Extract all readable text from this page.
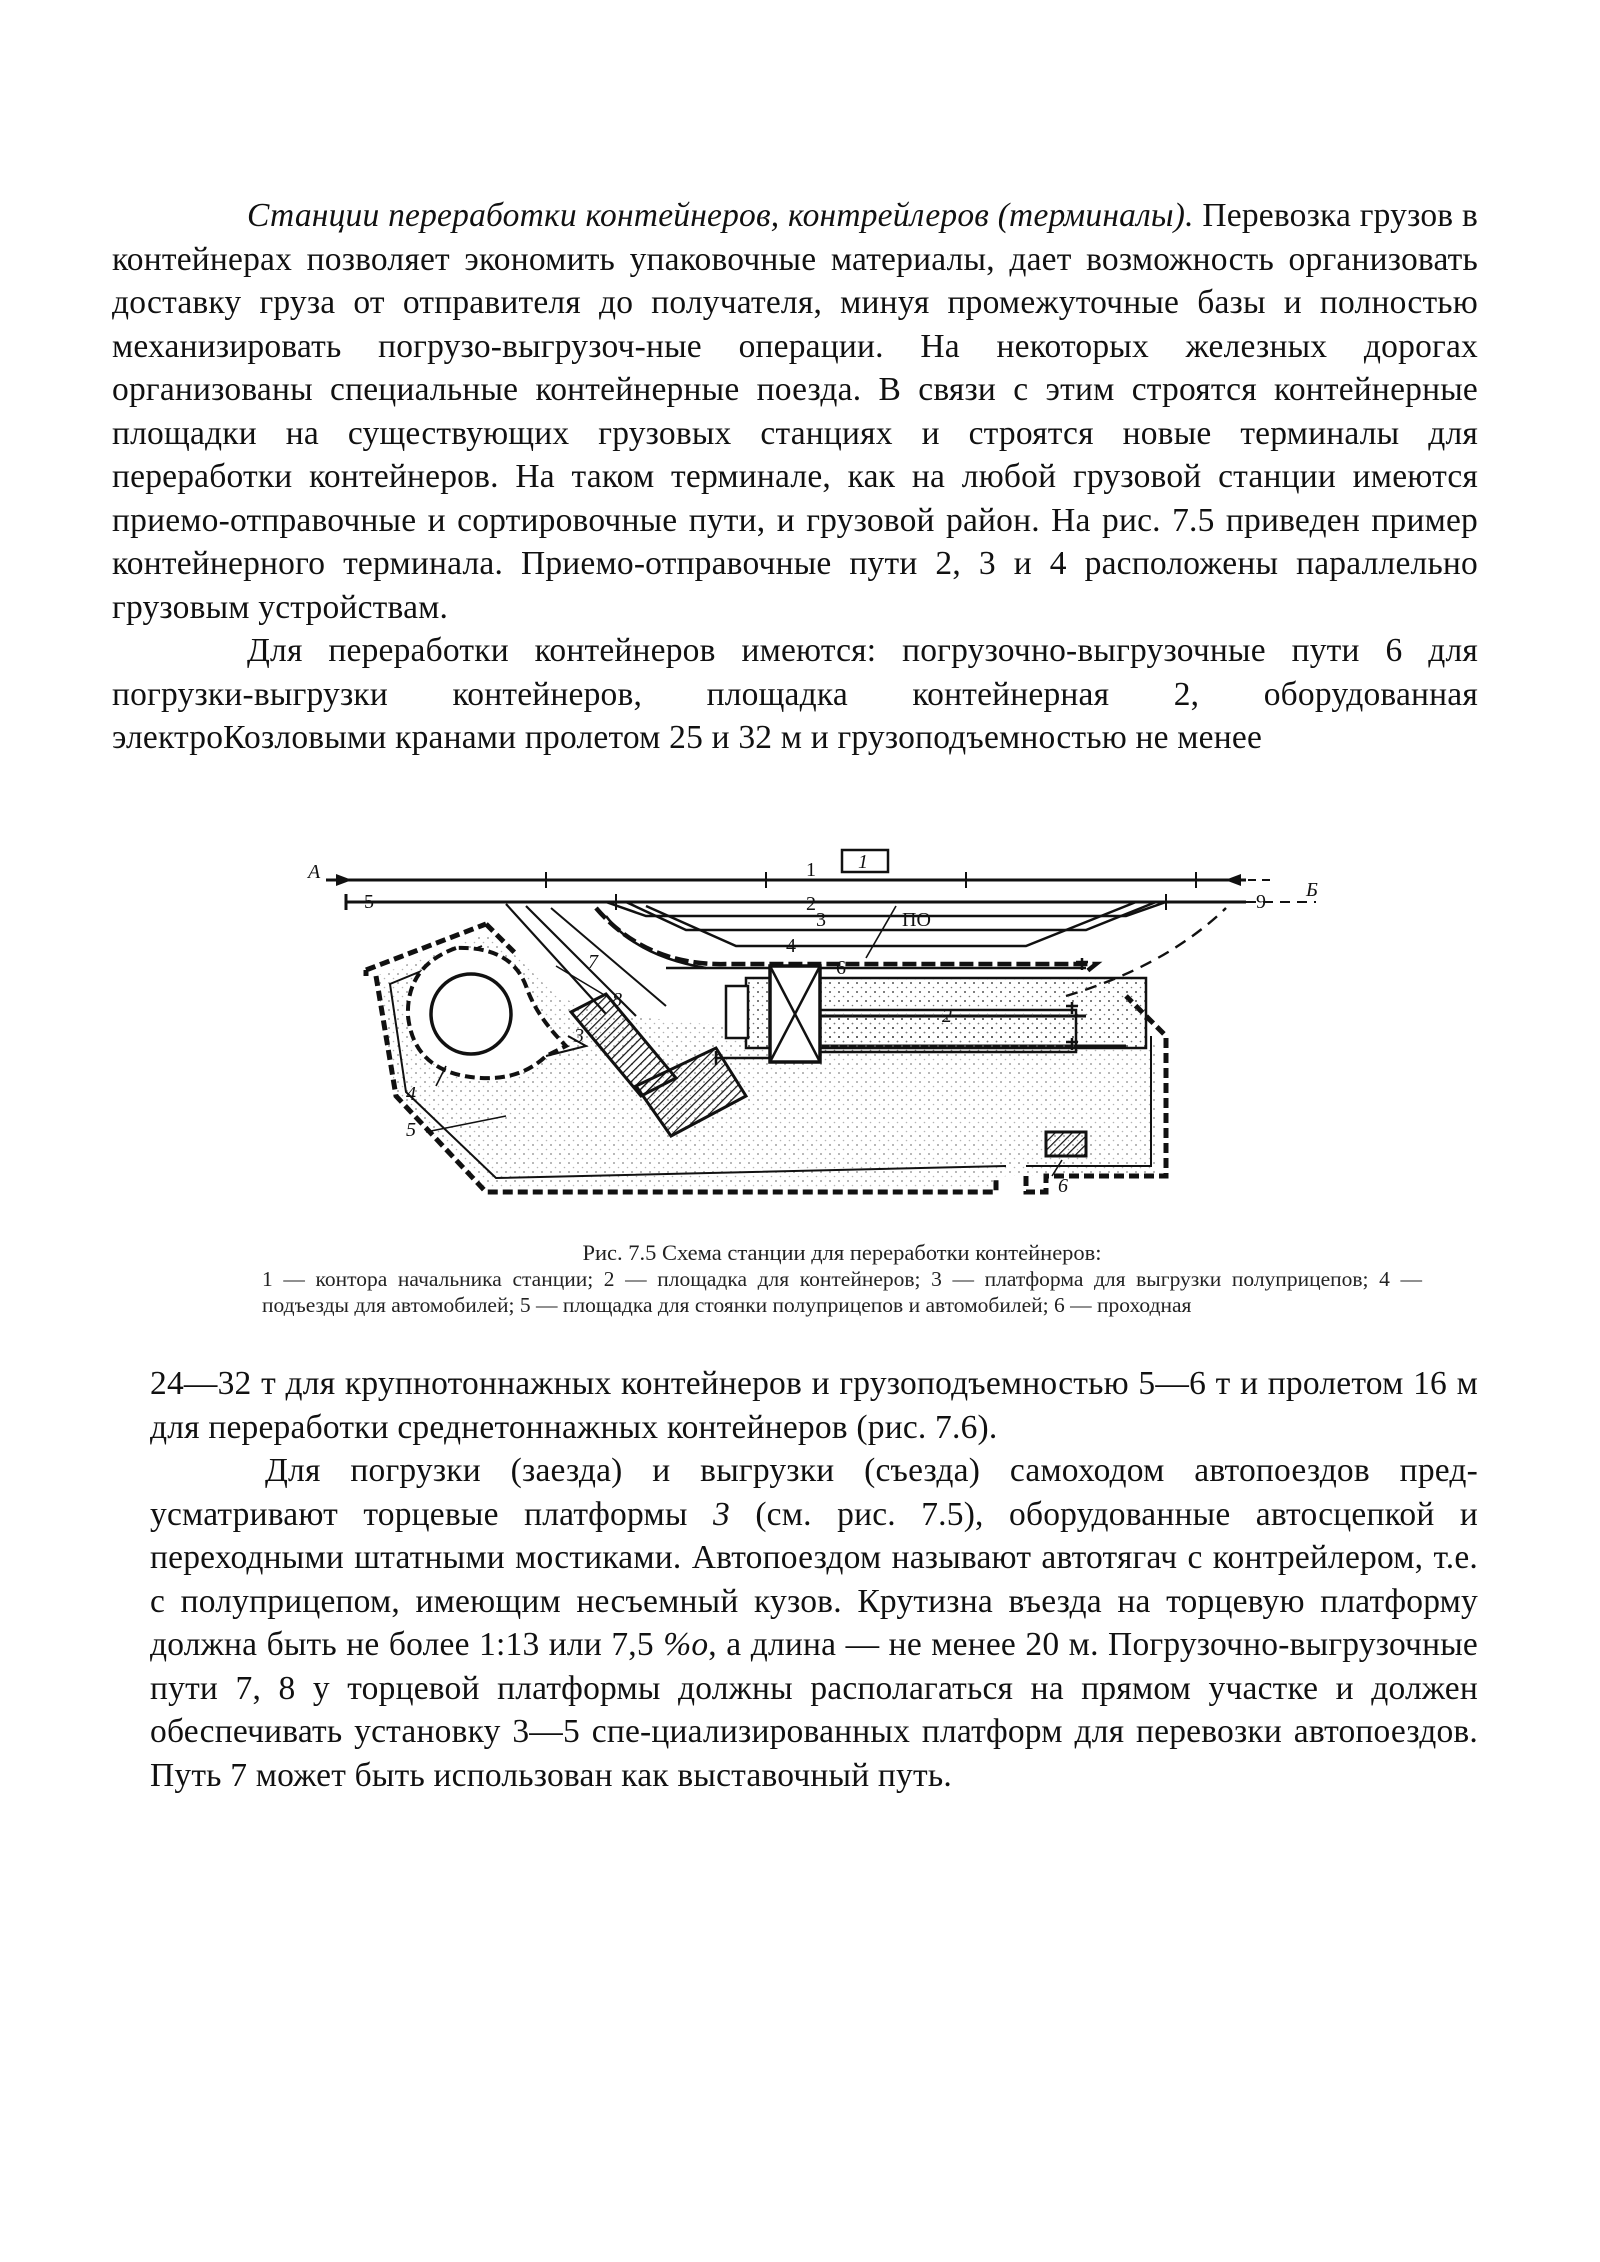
Станции переработки контейнеров, контрейлеров (терминалы). Перевозка грузов в контейнерах позволяет экономить упаковочные материалы, дает возможность организовать доставку груза от отправителя до получателя, минуя промежуточные базы и полностью механизировать погрузо-выгрузоч-ные операции. На некоторых железных дорогах организованы специальные контейнерные поезда. В связи с этим строятся контейнерные площадки на существующих грузовых станциях и строятся новые терминалы для переработки контейнеров. На таком терминале, как на любой грузовой станции имеются приемо-отправочные и сортировочные пути, и грузовой район. На рис. 7.5 приведен пример контейнерного терминала. Приемо-отправочные пути 2, 3 и 4 расположены параллельно грузовым устройствам.

Для переработки контейнеров имеются: погрузочно-выгрузочные пути 6 для погрузки-выгрузки контейнеров, площадка контейнерная 2, оборудованная электроКозловыми кранами пролетом 25 и 32 м и грузоподъемностью не менее

А
Б
1
2
3
4
5
6
7
8
9
ПО
1
2
3
4
5
6
Рис. 7.5 Схема станции для переработки контейнеров:
1 — контора начальника станции; 2 — площадка для контейнеров; 3 — платформа для выгрузки полуприцепов; 4 — подъезды для автомобилей; 5 — площадка для стоянки полуприцепов и автомобилей; 6 — проходная

24—32 т для крупнотоннажных контейнеров и грузоподъемностью 5—6 т и пролетом 16 м для переработки среднетоннажных контейнеров (рис. 7.6).

Для погрузки (заезда) и выгрузки (съезда) самоходом автопоездов пред-усматривают торцевые платформы 3 (см. рис. 7.5), оборудованные автосцепкой и переходными штатными мостиками. Автопоездом называют автотягач с контрейлером, т.е. с полуприцепом, имеющим несъемный кузов. Крутизна въезда на торцевую платформу должна быть не более 1:13 или 7,5 %о, а длина — не менее 20 м. Погрузочно-выгрузочные пути 7, 8 у торцевой платформы должны располагаться на прямом участке и должен обеспечивать установку 3—5 спе-циализированных платформ для перевозки автопоездов. Путь 7 может быть использован как выставочный путь.
